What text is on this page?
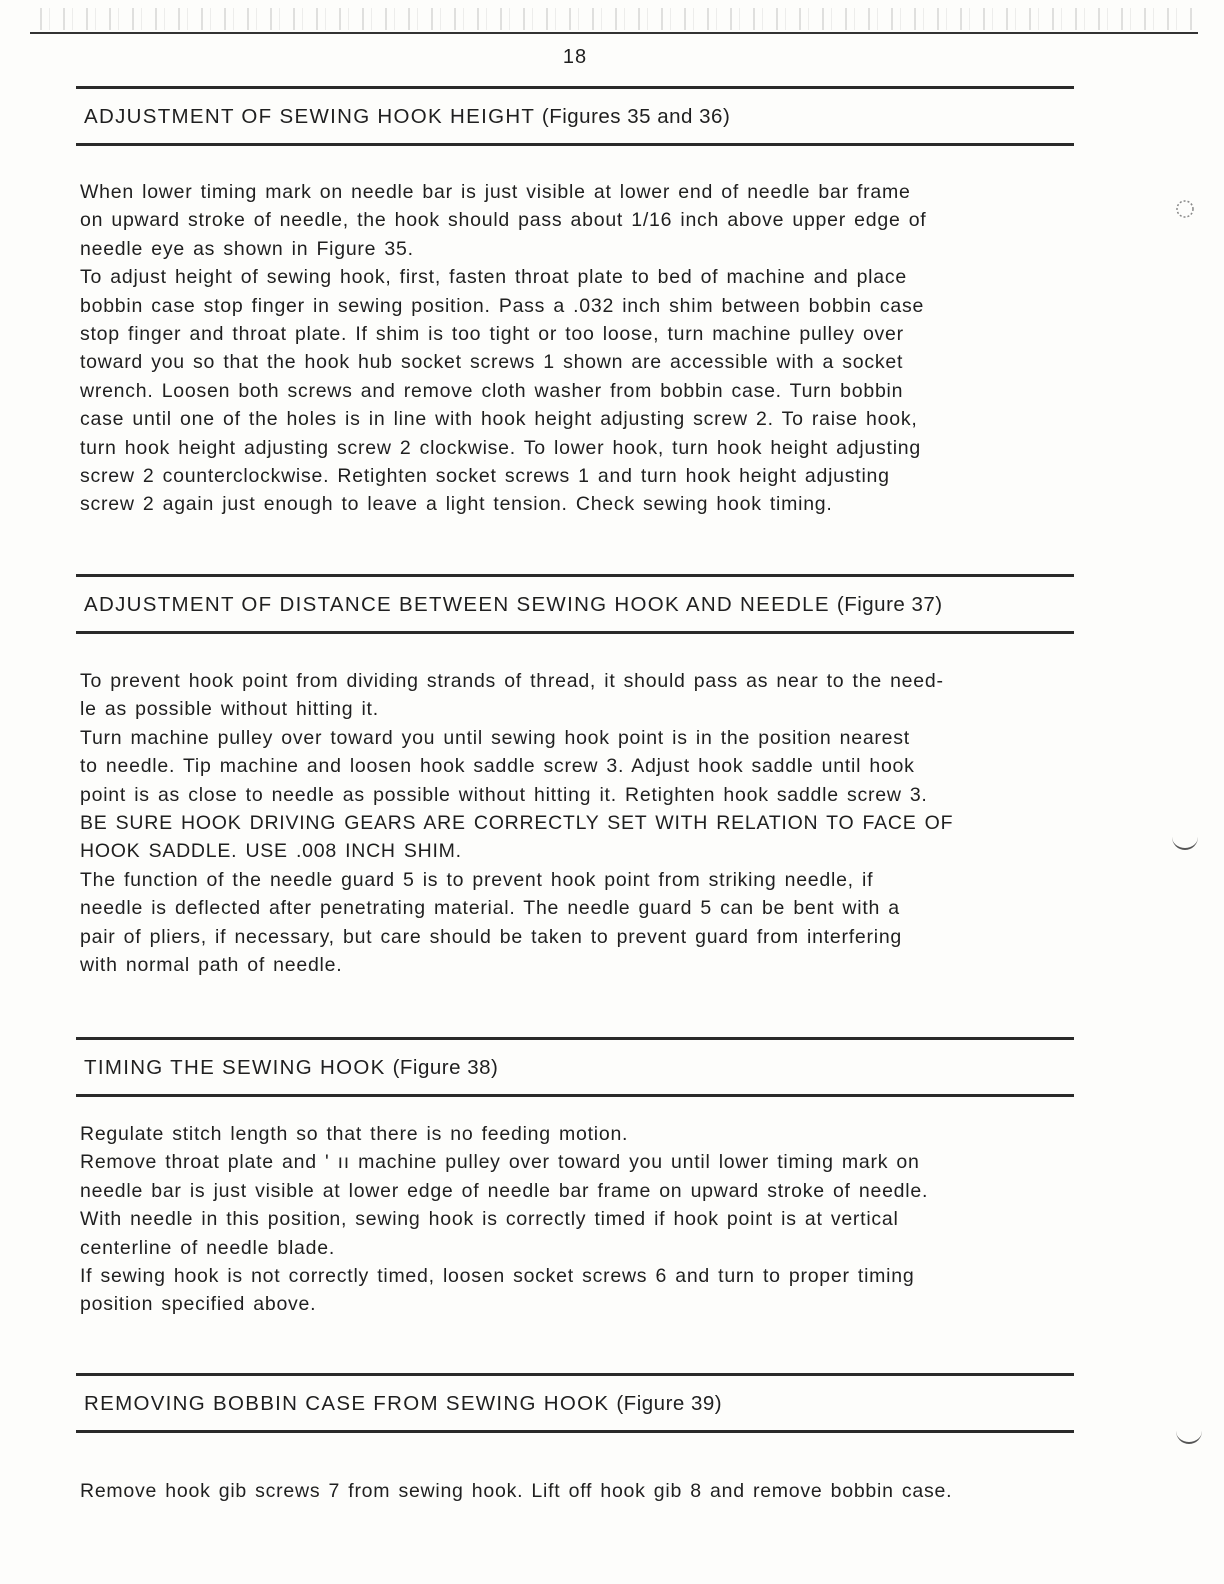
18
ADJUSTMENT OF SEWING HOOK HEIGHT (Figures 35 and 36)

When lower timing mark on needle bar is just visible at lower end of needle bar frame

on upward stroke of needle, the hook should pass about 1/16 inch above upper edge of

needle eye as shown in Figure 35.

To adjust height of sewing hook, first, fasten throat plate to bed of machine and place

bobbin case stop finger in sewing position. Pass a .032 inch shim between bobbin case

stop finger and throat plate. If shim is too tight or too loose, turn machine pulley over

toward you so that the hook hub socket screws 1 shown are accessible with a socket

wrench. Loosen both screws and remove cloth washer from bobbin case. Turn bobbin

case until one of the holes is in line with hook height adjusting screw 2. To raise hook,

turn hook height adjusting screw 2 clockwise. To lower hook, turn hook height adjusting

screw 2 counterclockwise. Retighten socket screws 1 and turn hook height adjusting

screw 2 again just enough to leave a light tension. Check sewing hook timing.

ADJUSTMENT OF DISTANCE BETWEEN SEWING HOOK AND NEEDLE (Figure 37)

To prevent hook point from dividing strands of thread, it should pass as near to the need-

le as possible without hitting it.

Turn machine pulley over toward you until sewing hook point is in the position nearest

to needle. Tip machine and loosen hook saddle screw 3. Adjust hook saddle until hook

point is as close to needle as possible without hitting it. Retighten hook saddle screw 3.

BE SURE HOOK DRIVING GEARS ARE CORRECTLY SET WITH RELATION TO FACE OF

HOOK SADDLE. USE .008 INCH SHIM.

The function of the needle guard 5 is to prevent hook point from striking needle, if

needle is deflected after penetrating material. The needle guard 5 can be bent with a

pair of pliers, if necessary, but care should be taken to prevent guard from interfering

with normal path of needle.

TIMING THE SEWING HOOK (Figure 38)

Regulate stitch length so that there is no feeding motion.

Remove throat plate and ' ıı machine pulley over toward you until lower timing mark on

needle bar is just visible at lower edge of needle bar frame on upward stroke of needle.

With needle in this position, sewing hook is correctly timed if hook point is at vertical

centerline of needle blade.

If sewing hook is not correctly timed, loosen socket screws 6 and turn to proper timing

position specified above.

REMOVING BOBBIN CASE FROM SEWING HOOK (Figure 39)

Remove hook gib screws 7 from sewing hook. Lift off hook gib 8 and remove bobbin case.
